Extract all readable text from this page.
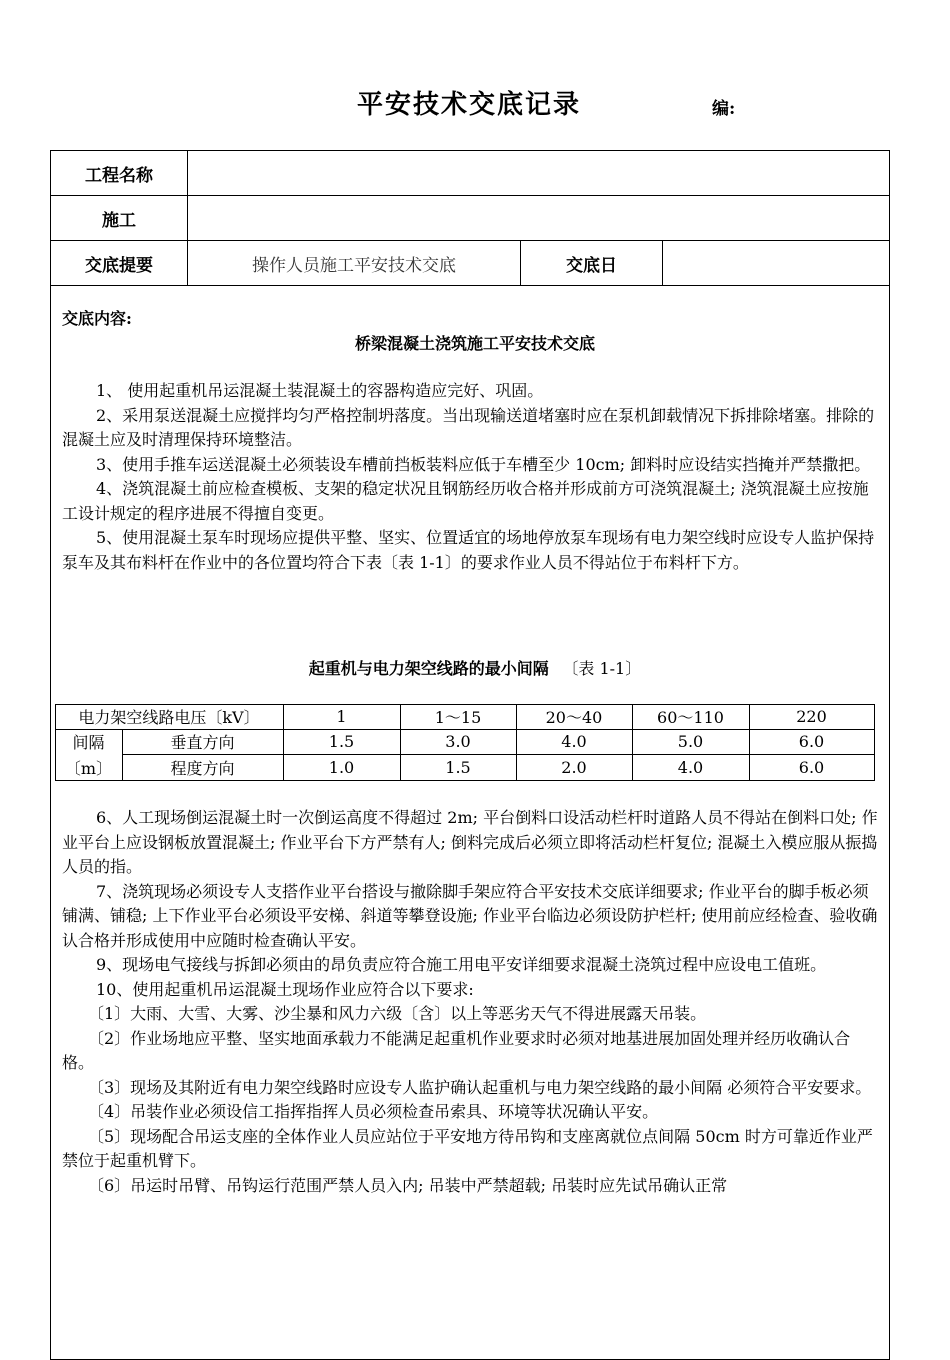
平安技术交底记录	编:
工程名称
施工
交底提要	操作人员施工平安技术交底	交底日
交底内容:
桥梁混凝土浇筑施工平安技术交底

1、 使用起重机吊运混凝土装混凝土的容器构造应完好、巩固。

2、采用泵送混凝土应搅拌均匀严格控制坍落度。当出现输送道堵塞时应在泵机卸载情况下拆排除堵塞。排除的混凝土应及时清理保持环境整洁。

3、使用手推车运送混凝土必须装设车槽前挡板装料应低于车槽至少 10cm; 卸料时应设结实挡掩并严禁撒把。

4、浇筑混凝土前应检查模板、支架的稳定状况且钢筋经历收合格并形成前方可浇筑混凝土; 浇筑混凝土应按施工设计规定的程序进展不得擅自变更。

5、使用混凝土泵车时现场应提供平整、坚实、位置适宜的场地停放泵车现场有电力架空线时应设专人监护保持泵车及其布料杆在作业中的各位置均符合下表〔表 1-1〕的要求作业人员不得站位于布料杆下方。

起重机与电力架空线路的最小间隔 〔表 1-1〕
电力架空线路电压〔kV〕	1	1～15	20～40	60～110	220
间隔
〔m〕
垂直方向	1.5	3.0	4.0	5.0	6.0
程度方向	1.0	1.5	2.0	4.0	6.0

6、人工现场倒运混凝土时一次倒运高度不得超过 2m; 平台倒料口设活动栏杆时道路人员不得站在倒料口处; 作业平台上应设钢板放置混凝土; 作业平台下方严禁有人; 倒料完成后必须立即将活动栏杆复位; 混凝土入模应服从振捣人员的指。

7、浇筑现场必须设专人支搭作业平台搭设与撤除脚手架应符合平安技术交底详细要求; 作业平台的脚手板必须铺满、铺稳; 上下作业平台必须设平安梯、斜道等攀登设施; 作业平台临边必须设防护栏杆; 使用前应经检查、验收确认合格并形成使用中应随时检查确认平安。

9、现场电气接线与拆卸必须由的昂负责应符合施工用电平安详细要求混凝土浇筑过程中应设电工值班。

10、使用起重机吊运混凝土现场作业应符合以下要求:

〔1〕大雨、大雪、大雾、沙尘暴和风力六级〔含〕以上等恶劣天气不得进展露天吊装。

〔2〕作业场地应平整、坚实地面承载力不能满足起重机作业要求时必须对地基进展加固处理并经历收确认合格。

〔3〕现场及其附近有电力架空线路时应设专人监护确认起重机与电力架空线路的最小间隔 必须符合平安要求。

〔4〕吊装作业必须设信工指挥指挥人员必须检查吊索具、环境等状况确认平安。

〔5〕现场配合吊运支座的全体作业人员应站位于平安地方待吊钩和支座离就位点间隔 50cm 时方可靠近作业严禁位于起重机臂下。

〔6〕吊运时吊臂、吊钩运行范围严禁人员入内; 吊装中严禁超载; 吊装时应先试吊确认正常
